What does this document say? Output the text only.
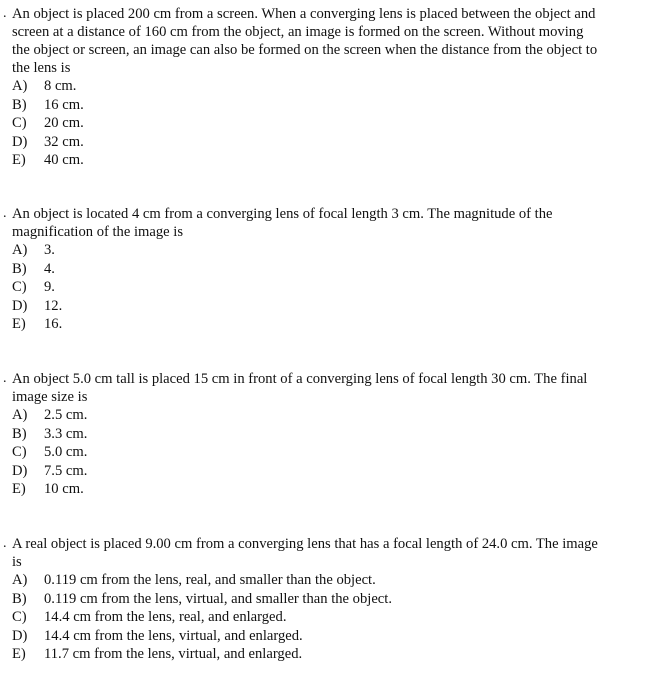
. An object is placed 200 cm from a screen. When a converging lens is placed between the object and screen at a distance of 160 cm from the object, an image is formed on the screen. Without moving the object or screen, an image can also be formed on the screen when the distance from the object to the lens is
A)	8 cm.
B)	16 cm.
C)	20 cm.
D)	32 cm.
E)	40 cm.
. An object is located 4 cm from a converging lens of focal length 3 cm. The magnitude of the magnification of the image is
A)	3.
B)	4.
C)	9.
D)	12.
E)	16.
. An object 5.0 cm tall is placed 15 cm in front of a converging lens of focal length 30 cm. The final image size is
A)	2.5 cm.
B)	3.3 cm.
C)	5.0 cm.
D)	7.5 cm.
E)	10 cm.
. A real object is placed 9.00 cm from a converging lens that has a focal length of 24.0 cm. The image is
A)	0.119 cm from the lens, real, and smaller than the object.
B)	0.119 cm from the lens, virtual, and smaller than the object.
C)	14.4 cm from the lens, real, and enlarged.
D)	14.4 cm from the lens, virtual, and enlarged.
E)	11.7 cm from the lens, virtual, and enlarged.
